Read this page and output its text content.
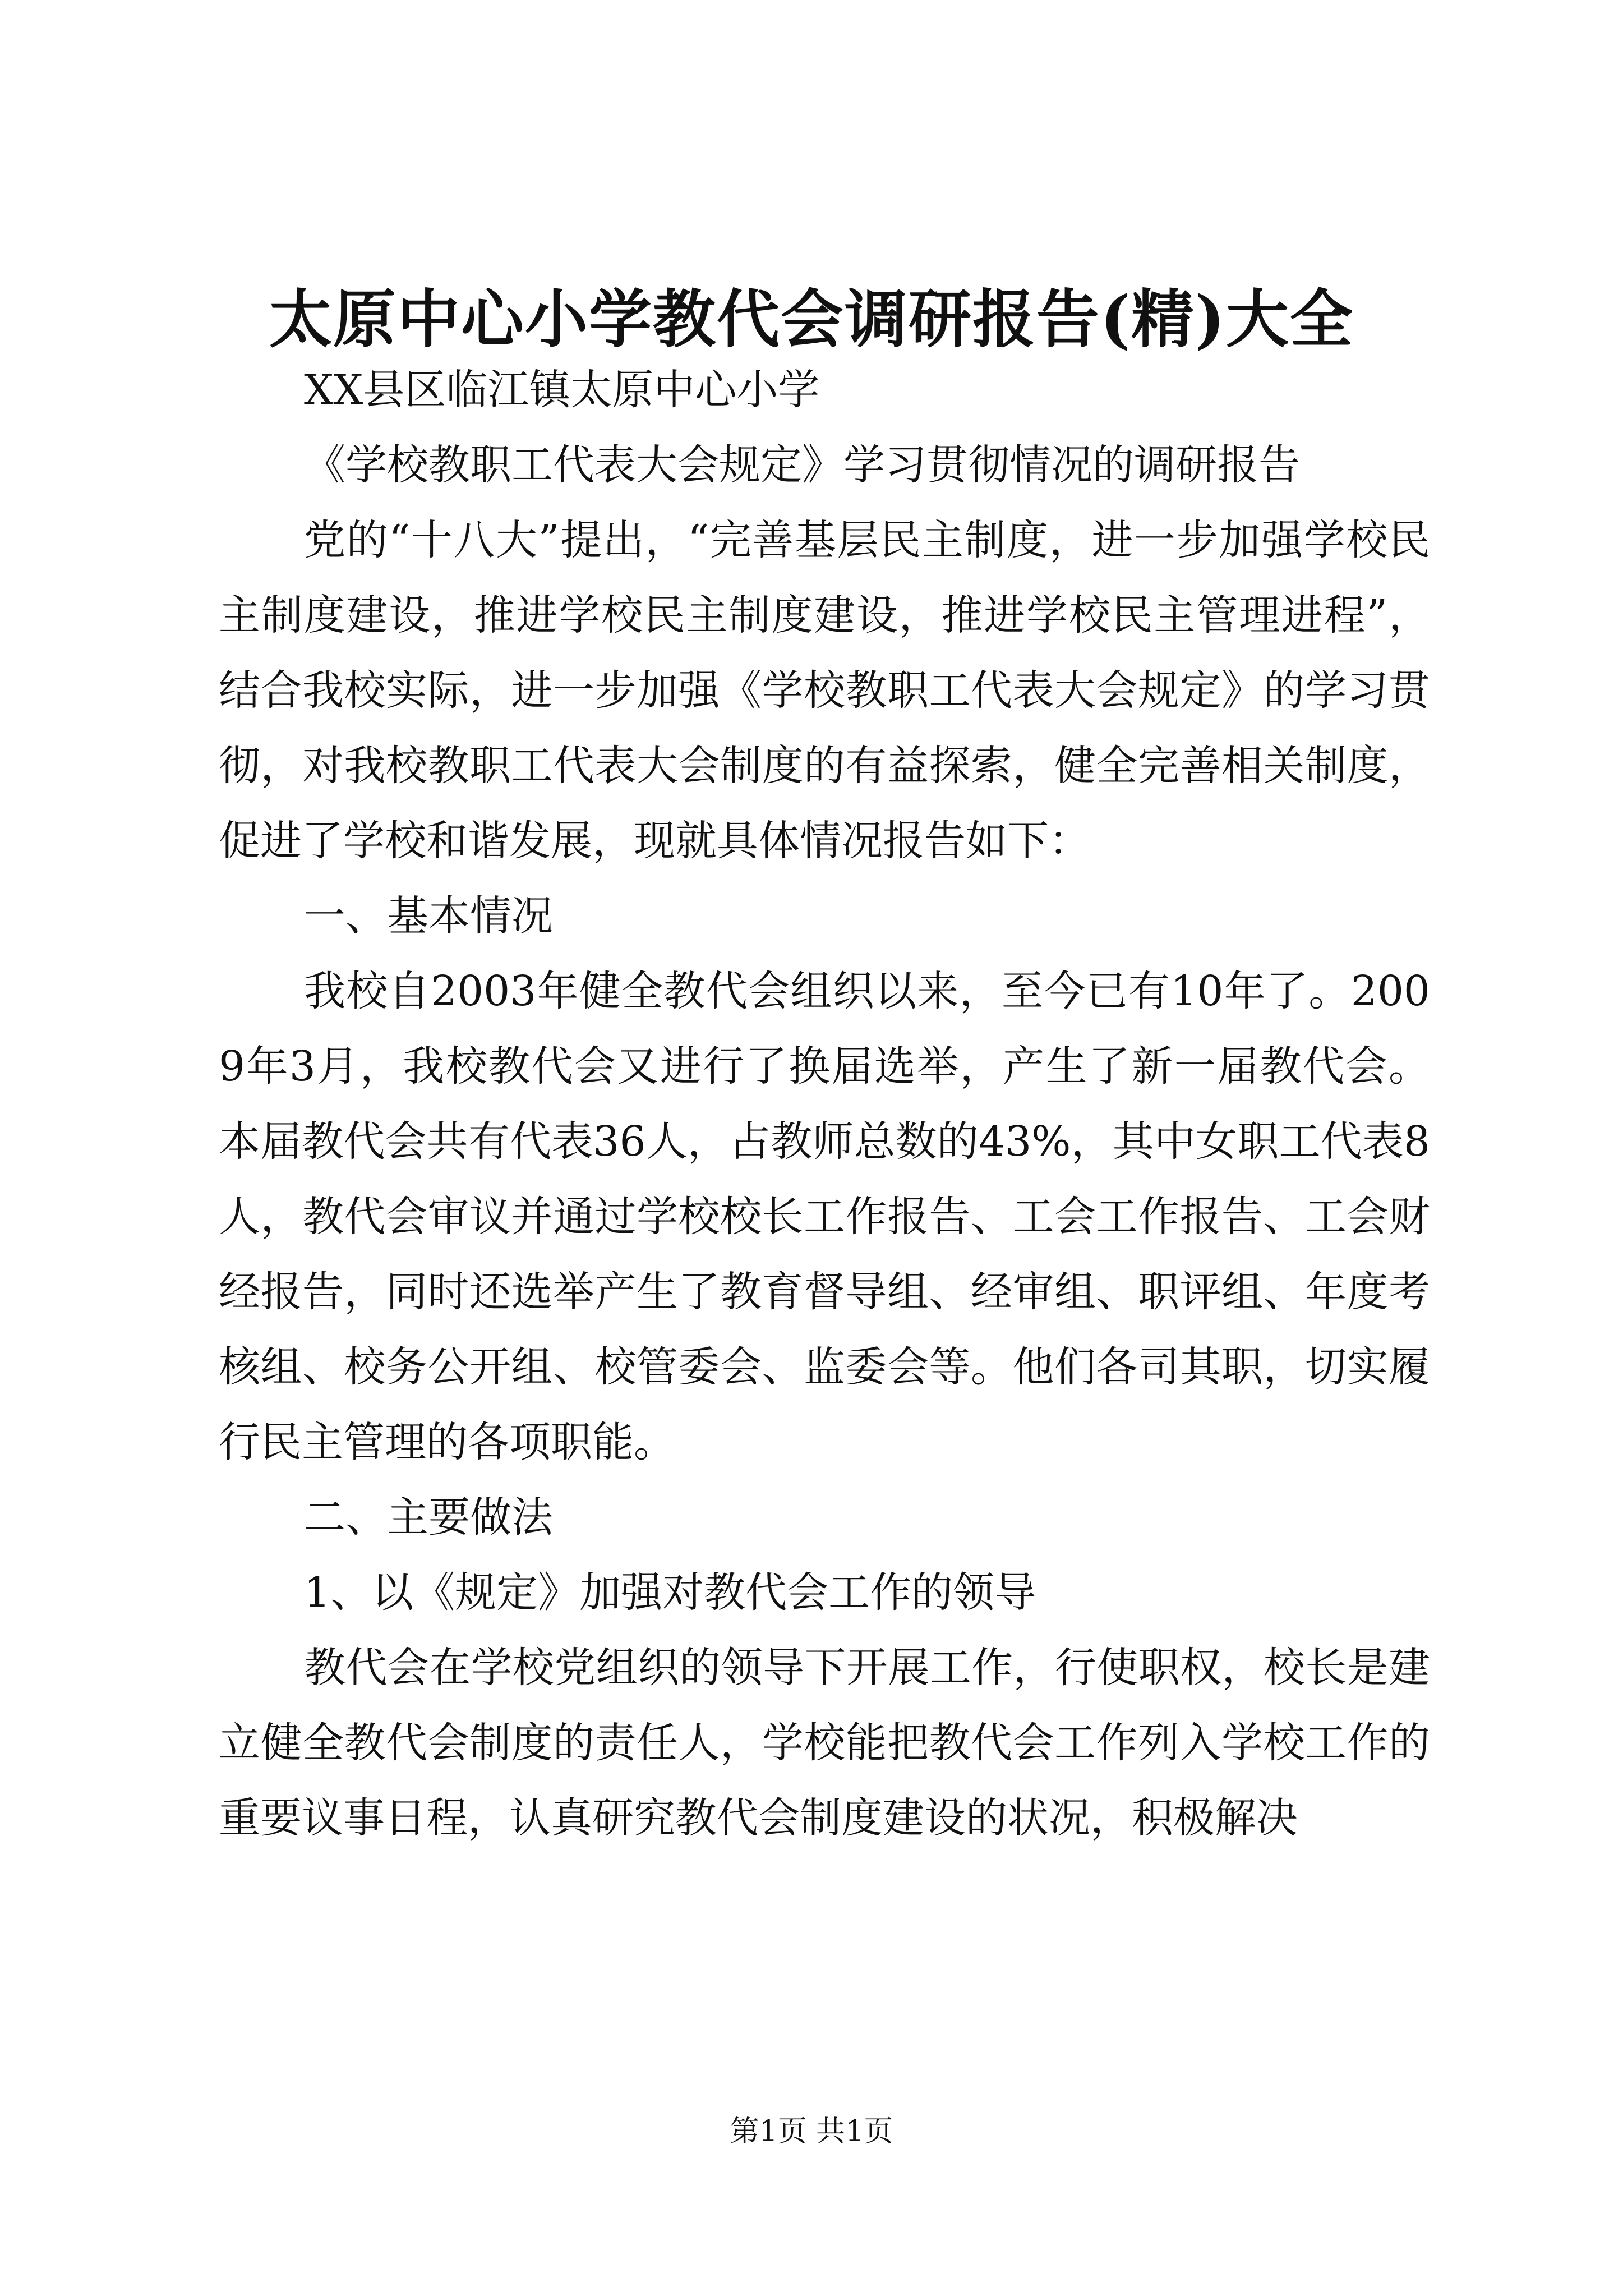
太原中心小学教代会调研报告(精)大全

XX县区临江镇太原中心小学

《学校教职工代表大会规定》学习贯彻情况的调研报告

党的“十八大”提出，“完善基层民主制度，进一步加强学校民主制度建设，推进学校民主制度建设，推进学校民主管理进程”，结合我校实际，进一步加强《学校教职工代表大会规定》的学习贯彻，对我校教职工代表大会制度的有益探索，健全完善相关制度，促进了学校和谐发展，现就具体情况报告如下：

一、基本情况

我校自2003年健全教代会组织以来，至今已有10年了。2009年3月，我校教代会又进行了换届选举，产生了新一届教代会。本届教代会共有代表36人，占教师总数的43%，其中女职工代表8人，教代会审议并通过学校校长工作报告、工会工作报告、工会财经报告，同时还选举产生了教育督导组、经审组、职评组、年度考核组、校务公开组、校管委会、监委会等。他们各司其职，切实履行民主管理的各项职能。

二、主要做法

1、以《规定》加强对教代会工作的领导

教代会在学校党组织的领导下开展工作，行使职权，校长是建立健全教代会制度的责任人，学校能把教代会工作列入学校工作的重要议事日程，认真研究教代会制度建设的状况，积极解决

第1页 共1页
